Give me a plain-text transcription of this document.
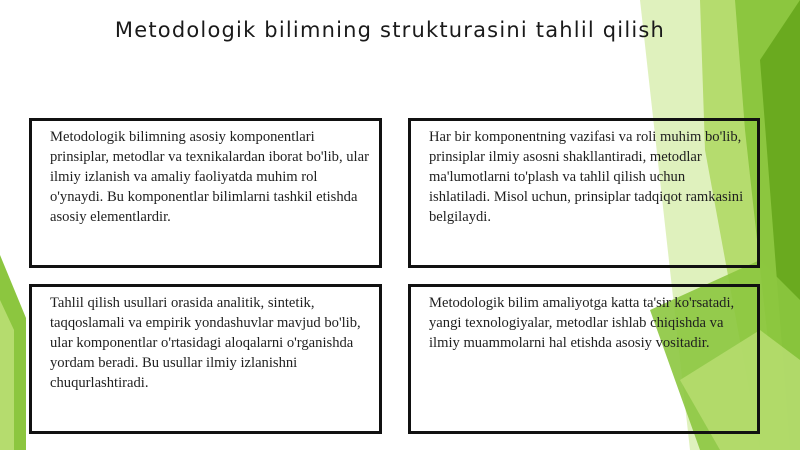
Metodologik bilimning strukturasini tahlil qilish

Metodologik bilimning asosiy komponentlari prinsiplar, metodlar va texnikalardan iborat bo'lib, ular ilmiy izlanish va amaliy faoliyatda muhim rol o'ynaydi. Bu komponentlar bilimlarni tashkil etishda asosiy elementlardir.

Har bir komponentning vazifasi va roli muhim bo'lib, prinsiplar ilmiy asosni shakllantiradi, metodlar ma'lumotlarni to'plash va tahlil qilish uchun ishlatiladi. Misol uchun, prinsiplar tadqiqot ramkasini belgilaydi.

Tahlil qilish usullari orasida analitik, sintetik, taqqoslamali va empirik yondashuvlar mavjud bo'lib, ular komponentlar o'rtasidagi aloqalarni o'rganishda yordam beradi. Bu usullar ilmiy izlanishni chuqurlashtiradi.

Metodologik bilim amaliyotga katta ta'sir ko'rsatadi, yangi texnologiyalar, metodlar ishlab chiqishda va ilmiy muammolarni hal etishda asosiy vositadir.
